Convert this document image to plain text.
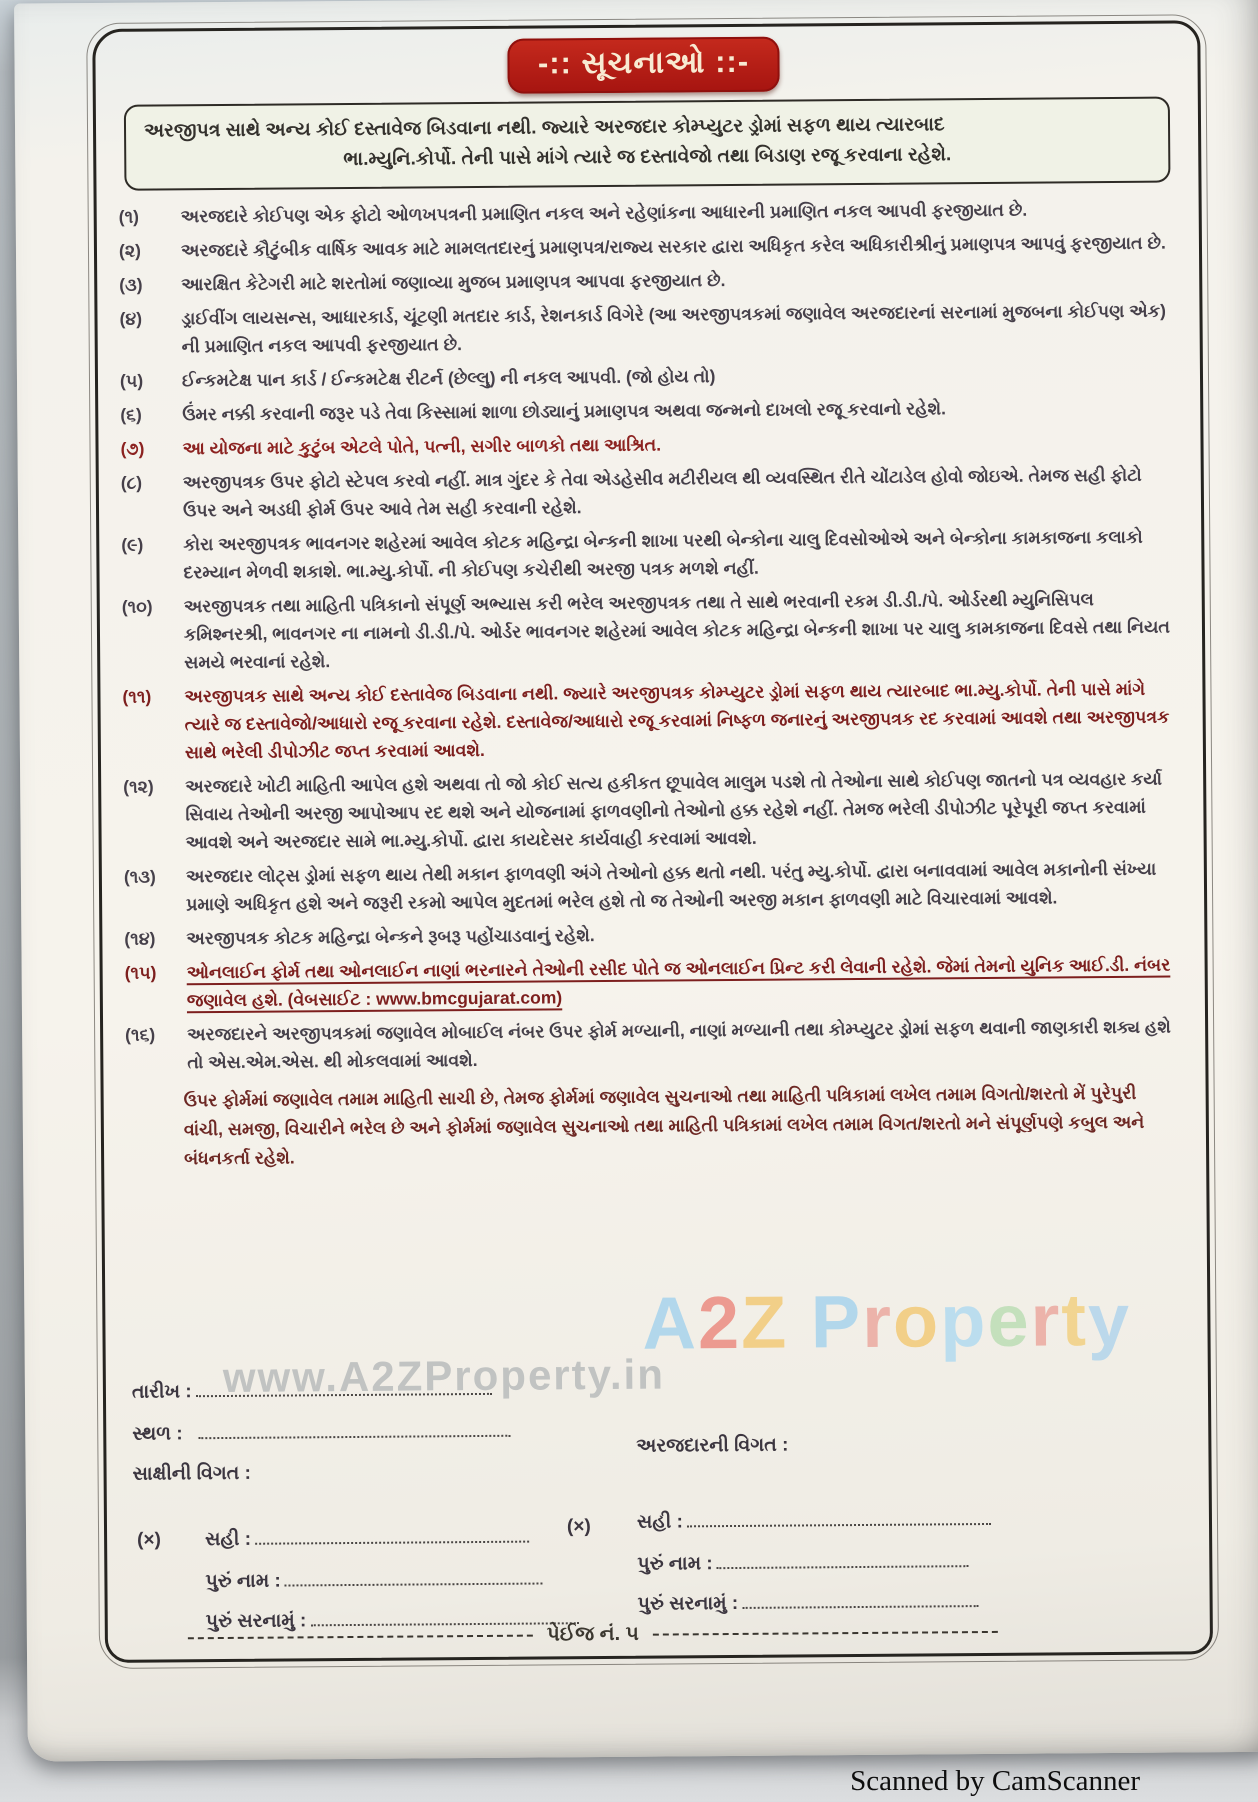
-:: સૂચનાઓ ::-
અરજીપત્ર સાથે અન્ય કોઈ દસ્તાવેજ બિડવાના નથી. જ્યારે અરજદાર કોમ્પ્યુટર ડ્રોમાં સફળ થાય ત્યારબાદ
ભા.મ્યુનિ.કોર્પો. તેની પાસે માંગે ત્યારે જ દસ્તાવેજો તથા બિડાણ રજૂ કરવાના રહેશે.
(૧)	અરજદારે કોઈપણ એક ફોટો ઓળખપત્રની પ્રમાણિત નકલ અને રહેણાંકના આધારની પ્રમાણિત નકલ આપવી ફરજીયાત છે.
(૨)	અરજદારે કૌટુંબીક વાર્ષિક આવક માટે મામલતદારનું પ્રમાણપત્ર/રાજ્ય સરકાર દ્વારા અધિકૃત કરેલ અધિકારીશ્રીનું પ્રમાણપત્ર આપવું ફરજીયાત છે.
(૩)	આરક્ષિત કેટેગરી માટે શરતોમાં જણાવ્યા મુજબ પ્રમાણપત્ર આપવા ફરજીયાત છે.
(૪)	ડ્રાઈવીંગ લાયસન્સ, આધારકાર્ડ, ચૂંટણી મતદાર કાર્ડ, રેશનકાર્ડ વિગેરે (આ અરજીપત્રકમાં જણાવેલ અરજદારનાં સરનામાં મુજબના કોઈપણ એક) ની પ્રમાણિત નકલ આપવી ફરજીયાત છે.
(૫)	ઈન્કમટેક્ષ પાન કાર્ડ / ઈન્કમટેક્ષ રીટર્ન (છેલ્લુ) ની નકલ આપવી. (જો હોય તો)
(૬)	ઉંમર નક્કી કરવાની જરૂર પડે તેવા કિસ્સામાં શાળા છોડ્યાનું પ્રમાણપત્ર અથવા જન્મનો દાખલો રજૂ કરવાનો રહેશે.
(૭)	આ યોજના માટે કુટુંબ એટલે પોતે, પત્ની, સગીર બાળકો તથા આશ્રિત.
(૮)	અરજીપત્રક ઉપર ફોટો સ્ટેપલ કરવો નહીં. માત્ર ગુંદર કે તેવા એડહેસીવ મટીરીયલ થી વ્યવસ્થિત રીતે ચોંટાડેલ હોવો જોઇએ. તેમજ સહી ફોટો ઉપર અને અડધી ફોર્મ ઉપર આવે તેમ સહી કરવાની રહેશે.
(૯)	કોરા અરજીપત્રક ભાવનગર શહેરમાં આવેલ કોટક મહિન્દ્રા બેન્કની શાખા પરથી બેન્કોના ચાલુ દિવસોઓએ અને બેન્કોના કામકાજના કલાકો દરમ્યાન મેળવી શકાશે. ભા.મ્યુ.કોર્પો. ની કોઈપણ કચેરીથી અરજી પત્રક મળશે નહીં.
(૧૦)	અરજીપત્રક તથા માહિતી પત્રિકાનો સંપૂર્ણ અભ્યાસ કરી ભરેલ અરજીપત્રક તથા તે સાથે ભરવાની રકમ ડી.ડી./પે. ઓર્ડરથી મ્યુનિસિપલ કમિશ્નરશ્રી, ભાવનગર ના નામનો ડી.ડી./પે. ઓર્ડર ભાવનગર શહેરમાં આવેલ કોટક મહિન્દ્રા બેન્કની શાખા પર ચાલુ કામકાજના દિવસે તથા નિયત સમયે ભરવાનાં રહેશે.
(૧૧)	અરજીપત્રક સાથે અન્ય કોઈ દસ્તાવેજ બિડવાના નથી. જ્યારે અરજીપત્રક કોમ્પ્યુટર ડ્રોમાં સફળ થાય ત્યારબાદ ભા.મ્યુ.કોર્પો. તેની પાસે માંગે ત્યારે જ દસ્તાવેજો/આધારો રજૂ કરવાના રહેશે. દસ્તાવેજ/આધારો રજૂ કરવામાં નિષ્ફળ જનારનું અરજીપત્રક રદ કરવામાં આવશે તથા અરજીપત્રક સાથે ભરેલી ડીપોઝીટ જપ્ત કરવામાં આવશે.
(૧૨)	અરજદારે ખોટી માહિતી આપેલ હશે અથવા તો જો કોઈ સત્ય હકીકત છૂપાવેલ માલુમ પડશે તો તેઓના સાથે કોઈપણ જાતનો પત્ર વ્યવહાર કર્યા સિવાય તેઓની અરજી આપોઆપ રદ થશે અને યોજનામાં ફાળવણીનો તેઓનો હક્ક રહેશે નહીં. તેમજ ભરેલી ડીપોઝીટ પૂરેપૂરી જપ્ત કરવામાં આવશે અને અરજદાર સામે ભા.મ્યુ.કોર્પો. દ્વારા કાયદેસર કાર્યવાહી કરવામાં આવશે.
(૧૩)	અરજદાર લોટ્સ ડ્રોમાં સફળ થાય તેથી મકાન ફાળવણી અંગે તેઓનો હક્ક થતો નથી. પરંતુ મ્યુ.કોર્પો. દ્વારા બનાવવામાં આવેલ મકાનોની સંખ્યા પ્રમાણે અધિકૃત હશે અને જરૂરી રકમો આપેલ મુદતમાં ભરેલ હશે તો જ તેઓની અરજી મકાન ફાળવણી માટે વિચારવામાં આવશે.
(૧૪)	અરજીપત્રક કોટક મહિન્દ્રા બેન્કને રૂબરૂ પહોંચાડવાનું રહેશે.
(૧૫)	ઓનલાઈન ફોર્મ તથા ઓનલાઈન નાણાં ભરનારને તેઓની રસીદ પોતે જ ઓનલાઈન પ્રિન્ટ કરી લેવાની રહેશે. જેમાં તેમનો યુનિક આઈ.ડી. નંબર જણાવેલ હશે. (વેબસાઈટ : www.bmcgujarat.com)
(૧૬)	અરજદારને અરજીપત્રકમાં જણાવેલ મોબાઈલ નંબર ઉપર ફોર્મ મળ્યાની, નાણાં મળ્યાની તથા કોમ્પ્યુટર ડ્રોમાં સફળ થવાની જાણકારી શક્ય હશે તો એસ.એમ.એસ. થી મોકલવામાં આવશે.
ઉપર ફોર્મમાં જણાવેલ તમામ માહિતી સાચી છે, તેમજ ફોર્મમાં જણાવેલ સુચનાઓ તથા માહિતી પત્રિકામાં લખેલ તમામ વિગતો/શરતો મેં પુરેપુરી વાંચી, સમજી, વિચારીને ભરેલ છે અને ફોર્મમાં જણાવેલ સુચનાઓ તથા માહિતી પત્રિકામાં લખેલ તમામ વિગત/શરતો મને સંપૂર્ણપણે કબુલ અને બંધનકર્તા રહેશે.
તારીખ :
સ્થળ :
અરજદારની વિગત :
સાક્ષીની વિગત :
(×) સહી :
(×) સહી :
પુરું નામ :
પુરું નામ :
પુરું સરનામું :
પુરું સરનામું :
પેઈજ નં. ૫
A2Z Property
www.A2ZProperty.in
Scanned by CamScanner
